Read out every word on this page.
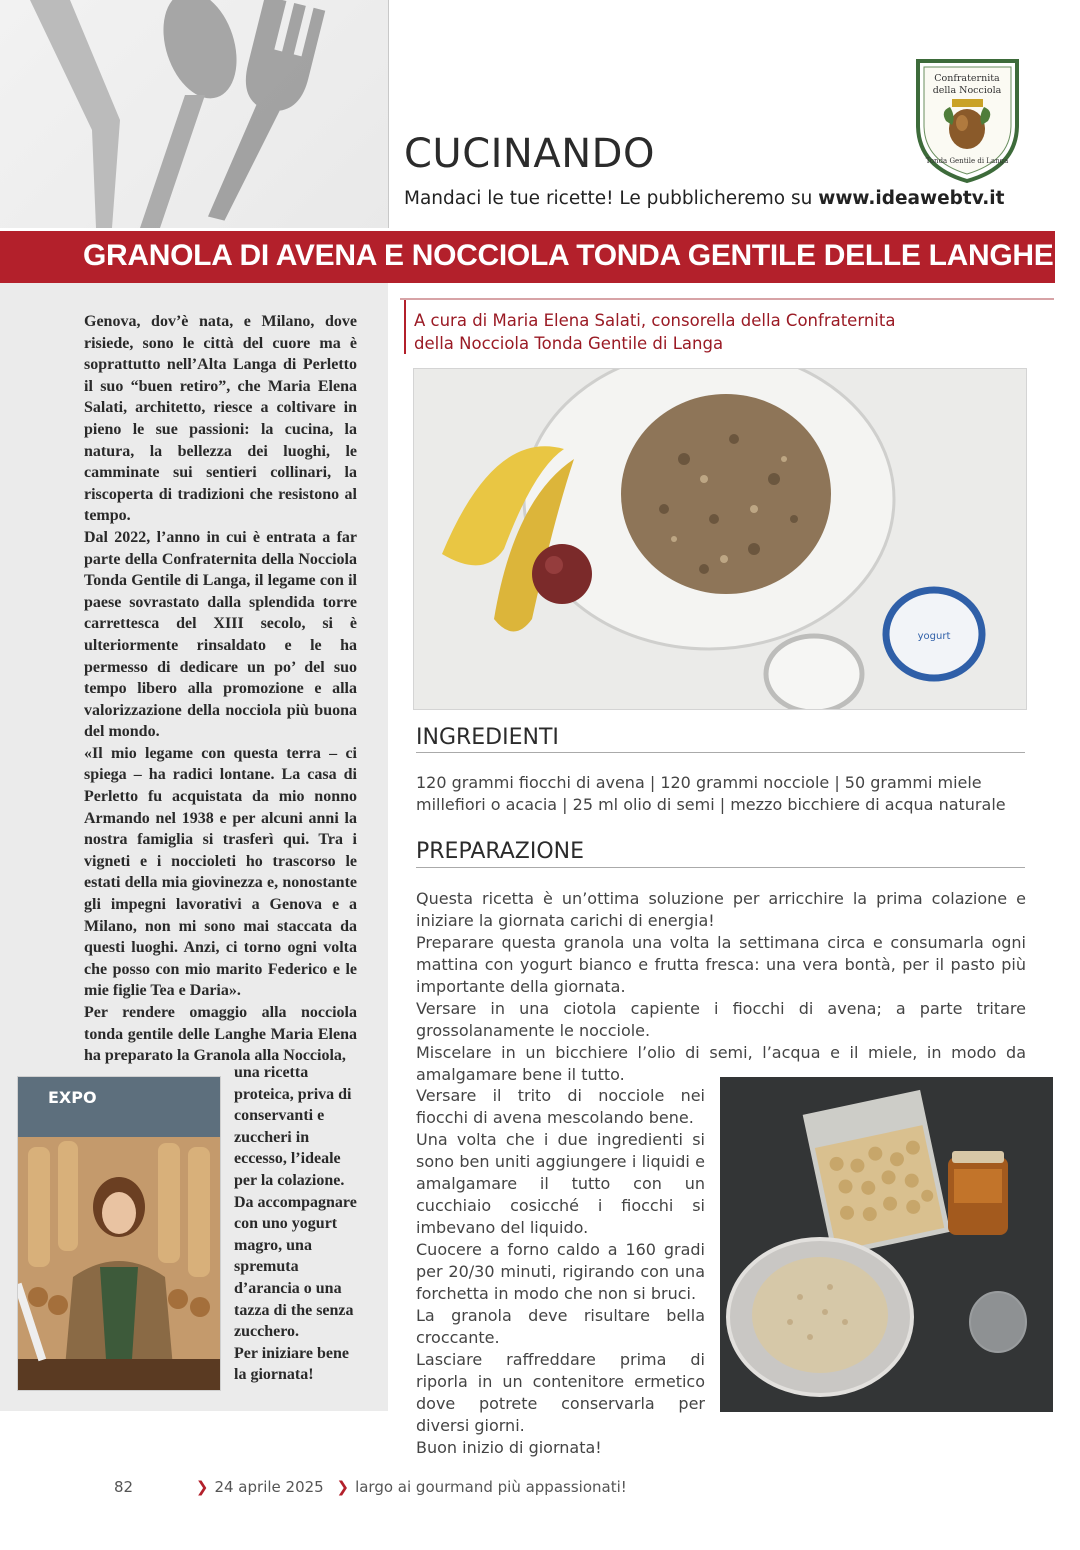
CUCINANDO
Mandaci le tue ricette! Le pubblicheremo su www.ideawebtv.it
Confraternita
della Nocciola
Tonda Gentile di Langa
GRANOLA DI AVENA E NOCCIOLA TONDA GENTILE DELLE LANGHE

Genova, dov’è nata, e Milano, dove risiede, sono le città del cuore ma è soprattutto nell’Alta Langa di Perletto il suo “buen retiro”, che Maria Elena Salati, architetto, riesce a coltivare in pieno le sue passioni: la cucina, la natura, la bellezza dei luoghi, le camminate sui sentieri collinari, la riscoperta di tradizioni che resistono al tempo.

Dal 2022, l’anno in cui è entrata a far parte della Confraternita della Nocciola Tonda Gentile di Langa, il legame con il paese sovrastato dalla splendida torre carrettesca del XIII secolo, si è ulteriormente rinsaldato e le ha permesso di dedicare un po’ del suo tempo libero alla promozione e alla valorizzazione della nocciola più buona del mondo.

«Il mio legame con questa terra – ci spiega – ha radici lontane. La casa di Perletto fu acquistata da mio nonno Armando nel 1938 e per alcuni anni la nostra famiglia si trasferì qui. Tra i vigneti e i noccioleti ho trascorso le estati della mia giovinezza e, nonostante gli impegni lavorativi a Genova e a Milano, non mi sono mai staccata da questi luoghi. Anzi, ci torno ogni volta che posso con mio marito Federico e le mie figlie Tea e Daria».

Per rendere omaggio alla nocciola tonda gentile delle Langhe Maria Elena ha preparato la Granola alla Nocciola,

una ricetta proteica, priva di conservanti e zuccheri in eccesso, l’ideale per la colazione.

Da accompagnare con uno yogurt magro, una spremuta d’arancia o una tazza di the senza zucchero.

Per iniziare bene la giornata!

EXPO
A cura di Maria Elena Salati, consorella della Confraternita
della Nocciola Tonda Gentile di Langa
yogurt
INGREDIENTI
120 grammi fiocchi di avena | 120 grammi nocciole | 50 grammi miele millefiori o acacia | 25 ml olio di semi | mezzo bicchiere di acqua naturale
PREPARAZIONE

Questa ricetta è un’ottima soluzione per arricchire la prima colazione e iniziare la giornata carichi di energia!

Preparare questa granola una volta la settimana circa e consumarla ogni mattina con yogurt bianco e frutta fresca: una vera bontà, per il pasto più importante della giornata.

Versare in una ciotola capiente i fiocchi di avena; a parte tritare grossolanamente le nocciole.

Miscelare in un bicchiere l’olio di semi, l’acqua e il miele, in modo da amalgamare bene il tutto.

Versare il trito di nocciole nei fiocchi di avena mescolando bene.

Una volta che i due ingredienti si sono ben uniti aggiungere i liquidi e amalgamare il tutto con un cucchiaio cosicché i fiocchi si imbevano del liquido.

Cuocere a forno caldo a 160 gradi per 20/30 minuti, rigirando con una forchetta in modo che non si bruci.

La granola deve risultare bella croccante.

Lasciare raffreddare prima di riporla in un contenitore ermetico dove potrete conservarla per diversi giorni.

Buon inizio di giornata!

82	❯ 24 aprile 2025 ❯ largo ai gourmand più appassionati!
